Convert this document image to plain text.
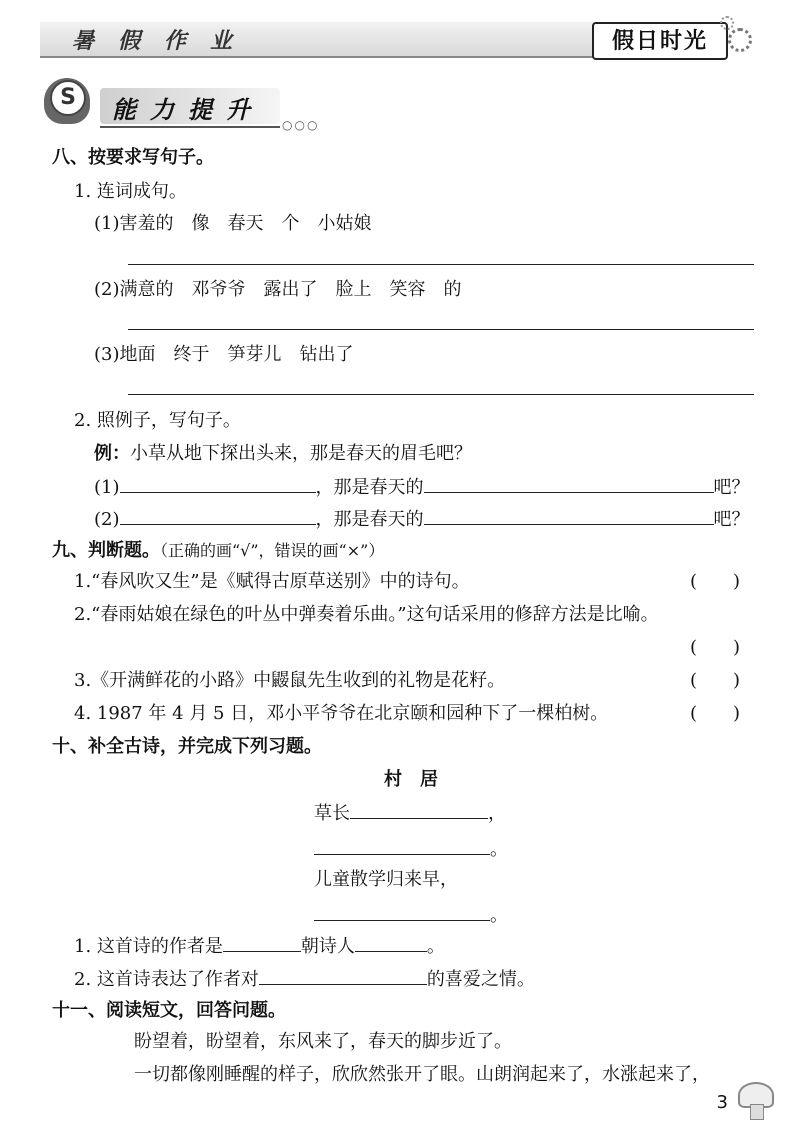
暑假作业	假日时光
S	能力提升
○○○
八、按要求写句子。
1. 连词成句。
(1)害羞的　像　春天　个　小姑娘
(2)满意的　邓爷爷　露出了　脸上　笑容　的
(3)地面　终于　笋芽儿　钻出了
2. 照例子，写句子。
例：小草从地下探出头来，那是春天的眉毛吧？
(1)	，那是春天的	吧？
(2)	，那是春天的	吧？
九、判断题。（正确的画“√”，错误的画“×”）
1.“春风吹又生”是《赋得古原草送别》中的诗句。	(　　)
2.“春雨姑娘在绿色的叶丛中弹奏着乐曲。”这句话采用的修辞方法是比喻。
(　　)
3.《开满鲜花的小路》中鼹鼠先生收到的礼物是花籽。	(　　)
4. 1987 年 4 月 5 日，邓小平爷爷在北京颐和园种下了一棵柏树。	(　　)
十、补全古诗，并完成下列习题。
村　居
草长	，
。
儿童散学归来早，
。
1. 这首诗的作者是	朝诗人	。
2. 这首诗表达了作者对	的喜爱之情。
十一、阅读短文，回答问题。
盼望着，盼望着，东风来了，春天的脚步近了。
一切都像刚睡醒的样子，欣欣然张开了眼。山朗润起来了，水涨起来了，
3
